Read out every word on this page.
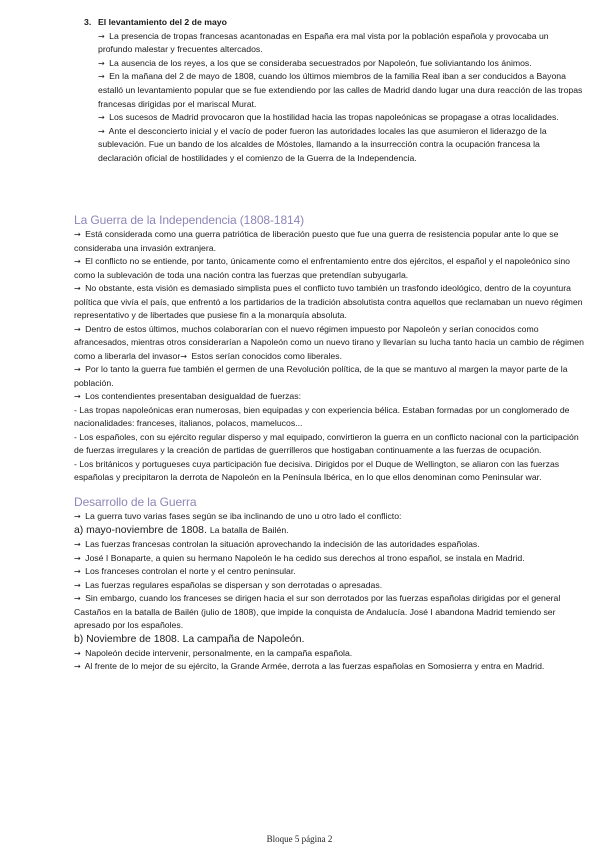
3. El levantamiento del 2 de mayo

→ La presencia de tropas francesas acantonadas en España era mal vista por la población española y provocaba un profundo malestar y frecuentes altercados.

→ La ausencia de los reyes, a los que se consideraba secuestrados por Napoleón, fue soliviantando los ánimos.

→ En la mañana del 2 de mayo de 1808, cuando los últimos miembros de la familia Real iban a ser conducidos a Bayona estalló un levantamiento popular que se fue extendiendo por las calles de Madrid dando lugar una dura reacción de las tropas francesas dirigidas por el mariscal Murat.

→ Los sucesos de Madrid provocaron que la hostilidad hacia las tropas napoleónicas se propagase a otras localidades.

→ Ante el desconcierto inicial y el vacío de poder fueron las autoridades locales las que asumieron el liderazgo de la sublevación. Fue un bando de los alcaldes de Móstoles, llamando a la insurrección contra la ocupación francesa la declaración oficial de hostilidades y el comienzo de la Guerra de la Independencia.

La Guerra de la Independencia (1808-1814)

→ Está considerada como una guerra patriótica de liberación puesto que fue una guerra de resistencia popular ante lo que se consideraba una invasión extranjera.

→ El conflicto no se entiende, por tanto, únicamente como el enfrentamiento entre dos ejércitos, el español y el napoleónico sino como la sublevación de toda una nación contra las fuerzas que pretendían subyugarla.

→ No obstante, esta visión es demasiado simplista pues el conflicto tuvo también un trasfondo ideológico, dentro de la coyuntura política que vivía el país, que enfrentó a los partidarios de la tradición absolutista contra aquellos que reclamaban un nuevo régimen representativo y de libertades que pusiese fin a la monarquía absoluta.

→ Dentro de estos últimos, muchos colaborarían con el nuevo régimen impuesto por Napoleón y serían conocidos como afrancesados, mientras otros considerarían a Napoleón como un nuevo tirano y llevarían su lucha tanto hacia un cambio de régimen como a liberarla del invasor→ Estos serían conocidos como liberales.

→ Por lo tanto la guerra fue también el germen de una Revolución política, de la que se mantuvo al margen la mayor parte de la población.

→ Los contendientes presentaban desigualdad de fuerzas:

- Las tropas napoleónicas eran numerosas, bien equipadas y con experiencia bélica. Estaban formadas por un conglomerado de nacionalidades: franceses, italianos, polacos, mamelucos...

- Los españoles, con su ejército regular disperso y mal equipado, convirtieron la guerra en un conflicto nacional con la participación de fuerzas irregulares y la creación de partidas de guerrilleros que hostigaban continuamente a las fuerzas de ocupación.

- Los británicos y portugueses cuya participación fue decisiva. Dirigidos por el Duque de Wellington, se aliaron con las fuerzas españolas y precipitaron la derrota de Napoleón en la Península Ibérica, en lo que ellos denominan como Peninsular war.

Desarrollo de la Guerra

→ La guerra tuvo varias fases según se iba inclinando de uno u otro lado el conflicto:

a) mayo-noviembre de 1808. La batalla de Bailén.

→ Las fuerzas francesas controlan la situación aprovechando la indecisión de las autoridades españolas.

→ José I Bonaparte, a quien su hermano Napoleón le ha cedido sus derechos al trono español, se instala en Madrid.

→ Los franceses controlan el norte y el centro peninsular.

→ Las fuerzas regulares españolas se dispersan y son derrotadas o apresadas.

→ Sin embargo, cuando los franceses se dirigen hacia el sur son derrotados por las fuerzas españolas dirigidas por el general Castaños en la batalla de Bailén (julio de 1808), que impide la conquista de Andalucía. José I abandona Madrid temiendo ser apresado por los españoles.

b) Noviembre de 1808. La campaña de Napoleón.

→ Napoleón decide intervenir, personalmente, en la campaña española.

→ Al frente de lo mejor de su ejército, la Grande Armée, derrota a las fuerzas españolas en Somosierra y entra en Madrid.

Bloque 5 página 2
